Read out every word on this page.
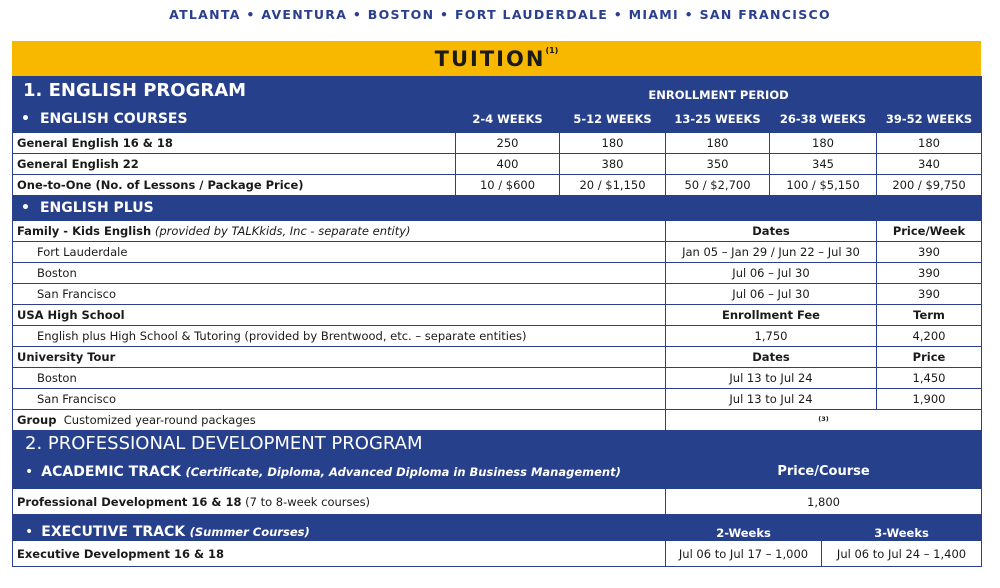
ATLANTA • AVENTURA • BOSTON • FORT LAUDERDALE • MIAMI • SAN FRANCISCO
TUITION$^{(1)}$
1. ENGLISH PROGRAM	ENROLLMENT PERIOD					
• ENGLISH COURSES	2-4 WEEKS	5-12 WEEKS	13-25 WEEKS	26-38 WEEKS		39-52 WEEKS
General English 16 & 18	250	180	180	180		180
General English 22	400	380	350	345		340
One-to-One (No. of Lessons / Package Price)	10 / $600	20 / $1,150	50 / $2,700	100 / $5,150		200 / $9,750
• ENGLISH PLUS						
Family - Kids English (provided by TALKkids, Inc - separate entity)			Dates			Price/Week
Fort Lauderdale			Jan 05 – Jan 29 / Jun 22 – Jul 30			390
Boston			Jul 06 – Jul 30			390
San Francisco			Jul 06 – Jul 30			390
USA High School			Enrollment Fee			Term
English plus High School & Tutoring (provided by Brentwood, etc. – separate entities)			1,750			4,200
University Tour			Dates			Price
Boston			Jul 13 to Jul 24			1,450
San Francisco			Jul 13 to Jul 24			1,900
Group Customized year-round packages			(3)			
2. PROFESSIONAL DEVELOPMENT PROGRAM						
• ACADEMIC TRACK (Certificate, Diploma, Advanced Diploma in Business Management)			Price/Course			
Professional Development 16 & 18 (7 to 8-week courses)			1,800			
• EXECUTIVE TRACK (Summer Courses)			2-Weeks		3-Weeks	
Executive Development 16 & 18			Jul 06 to Jul 17 – 1,000		Jul 06 to Jul 24 – 1,400	
